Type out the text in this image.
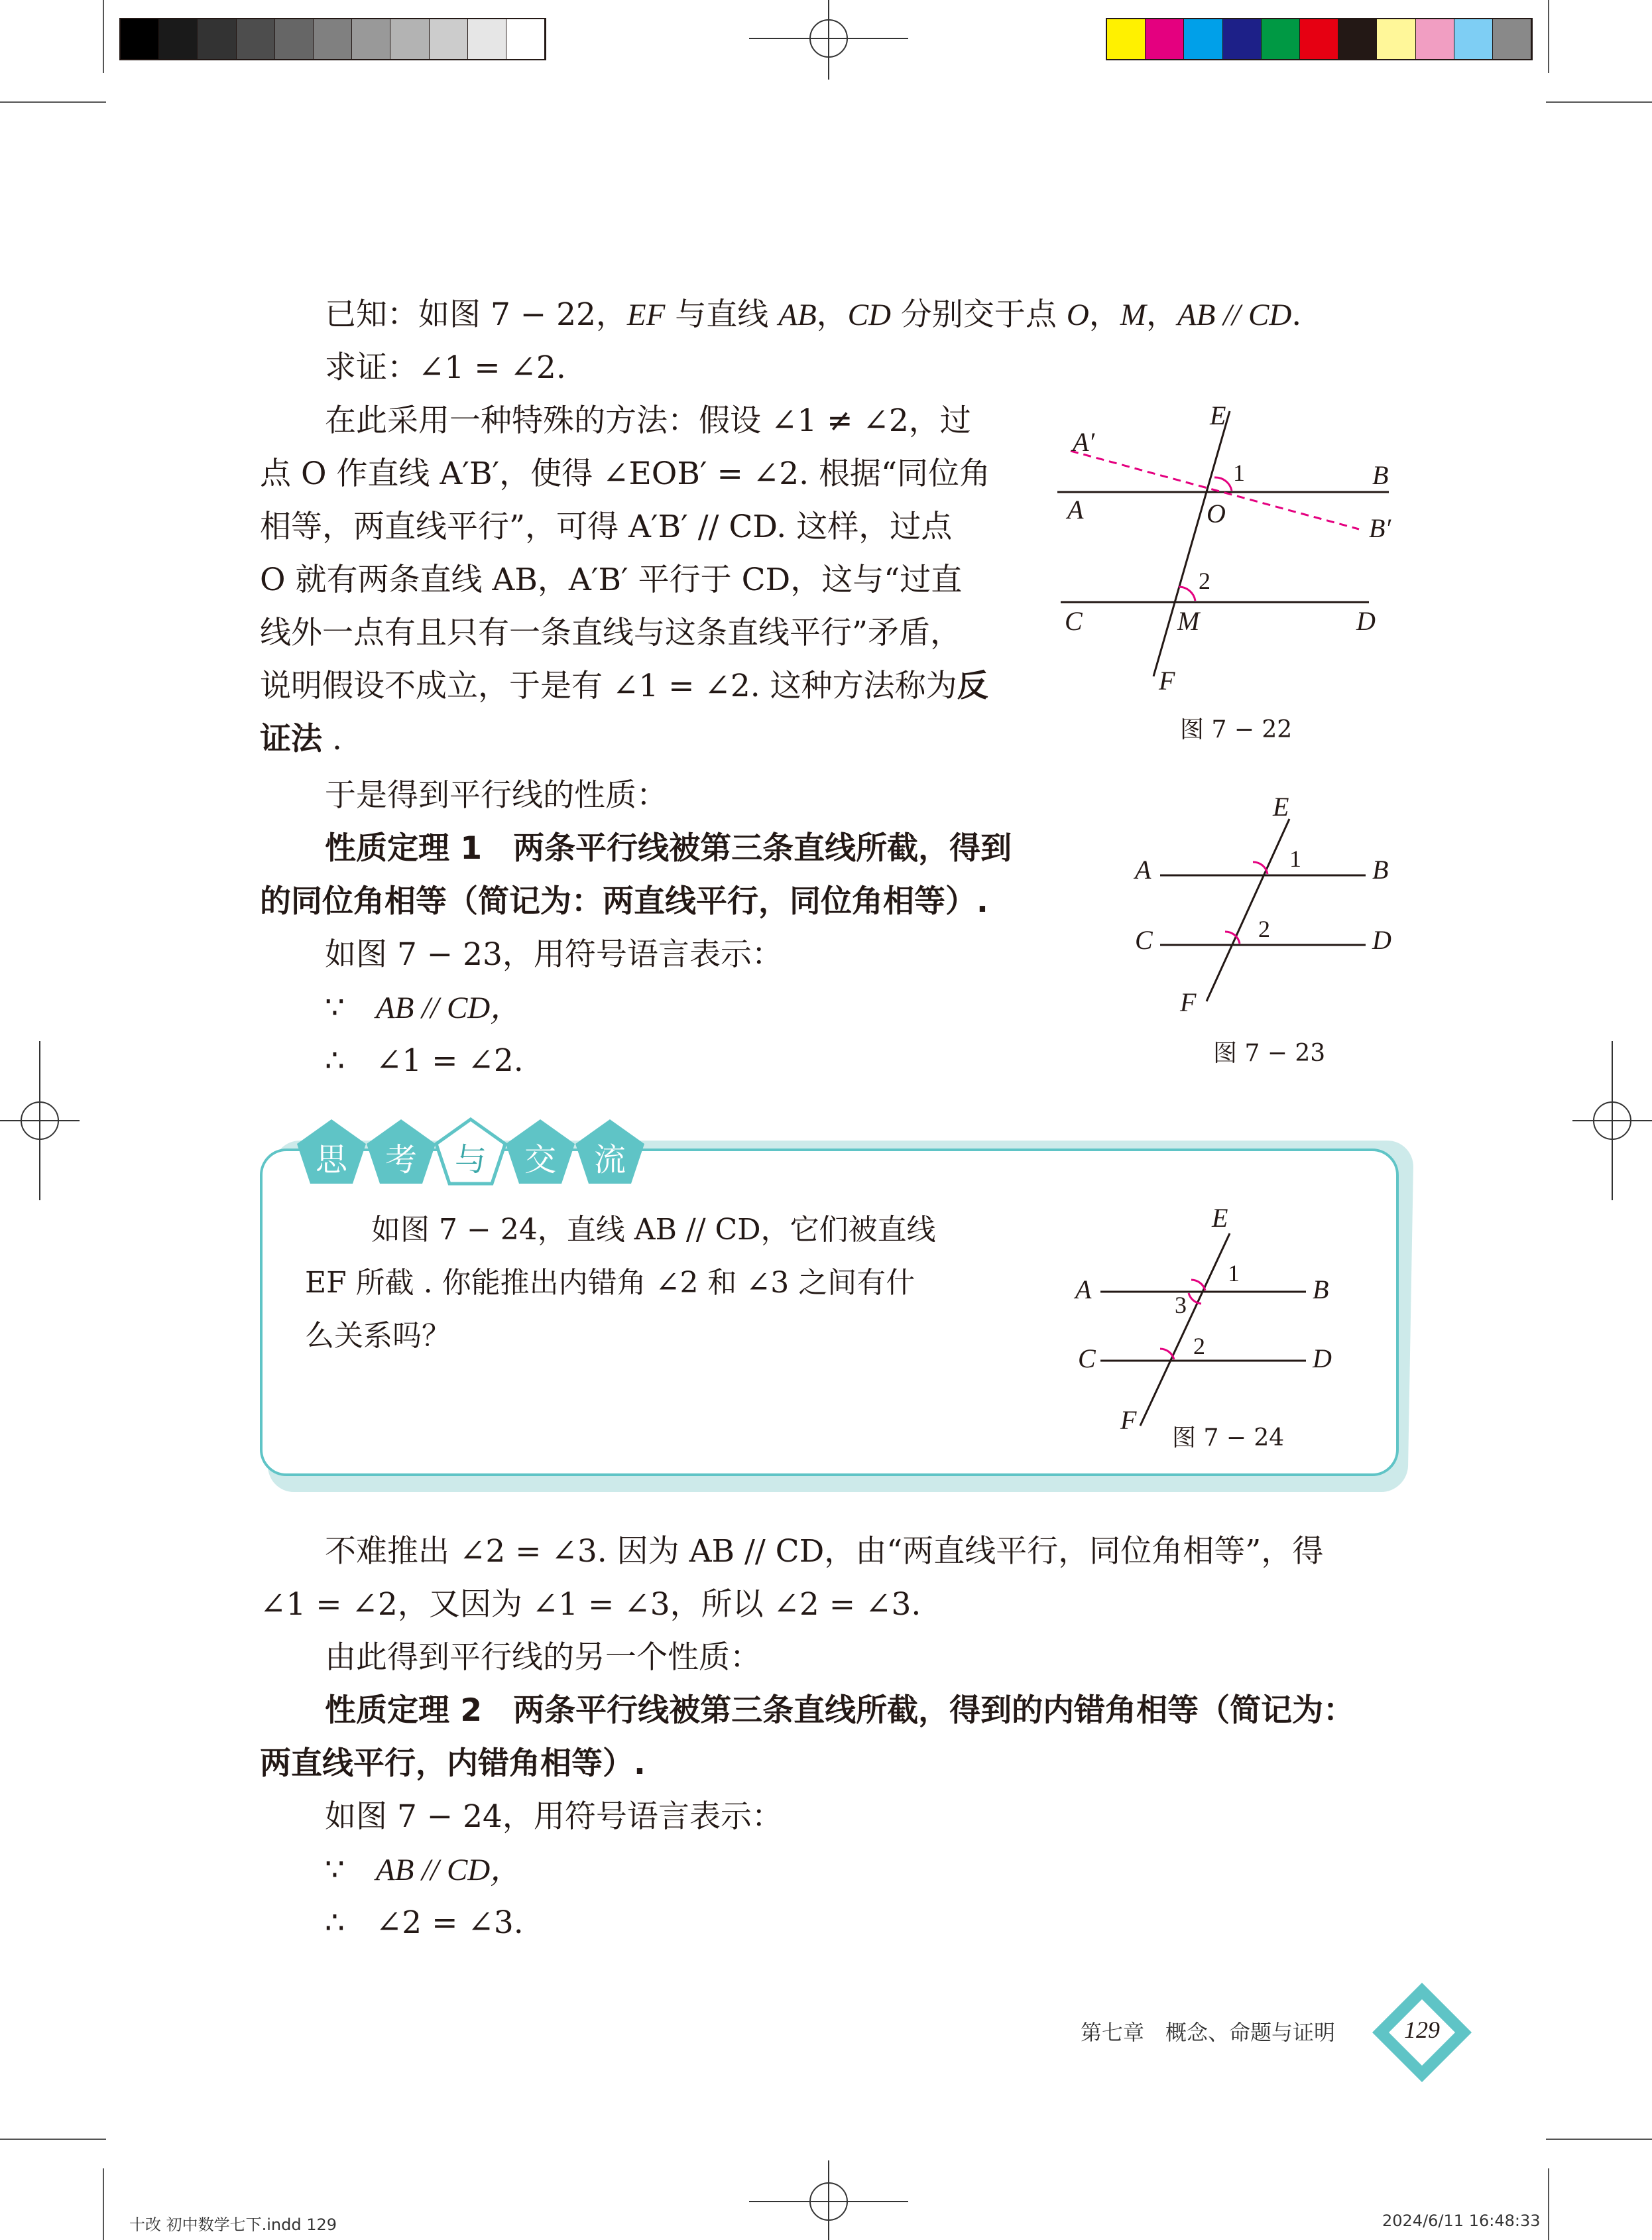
已知：如图 7 − 22，EF 与直线 AB，CD 分别交于点 O，M，AB // CD.
求证：∠1 = ∠2.
在此采用一种特殊的方法：假设 ∠1 ≠ ∠2，过
点 O 作直线 A′B′，使得 ∠EOB′ = ∠2. 根据“同位角
相等，两直线平行”，可得 A′B′ // CD. 这样，过点
O 就有两条直线 AB，A′B′ 平行于 CD，这与“过直
线外一点有且只有一条直线与这条直线平行”矛盾，
说明假设不成立，于是有 ∠1 = ∠2. 这种方法称为反
证法 .
E
A′
1	B
A	O	B′
2
C	M	D
F
图 7 − 22
于是得到平行线的性质：
性质定理 1　 两条平行线被第三条直线所截，得到
的同位角相等（简记为：两直线平行，同位角相等）.
如图 7 − 23，用符号语言表示：
∵　 AB // CD，
∴　 ∠1 = ∠2.
E
A	1	B
C	2	D
F
图 7 − 23
思	考	与	交	流
如图 7 − 24，直线 AB // CD，它们被直线
EF 所截 . 你能推出内错角 ∠2 和 ∠3 之间有什
么关系吗？
E
A
1
B
3
C	2	D
F
图 7 − 24
不难推出 ∠2 = ∠3. 因为 AB // CD，由“两直线平行，同位角相等”，得
∠1 = ∠2，又因为 ∠1 = ∠3，所以 ∠2 = ∠3.
由此得到平行线的另一个性质：
性质定理 2　 两条平行线被第三条直线所截，得到的内错角相等（简记为：
两直线平行，内错角相等）.
如图 7 − 24，用符号语言表示：
∵　 AB // CD，
∴　 ∠2 = ∠3.
第七章　概念、命题与证明	129
十改 初中数学七下.indd 129	2024/6/11 16:48:33
